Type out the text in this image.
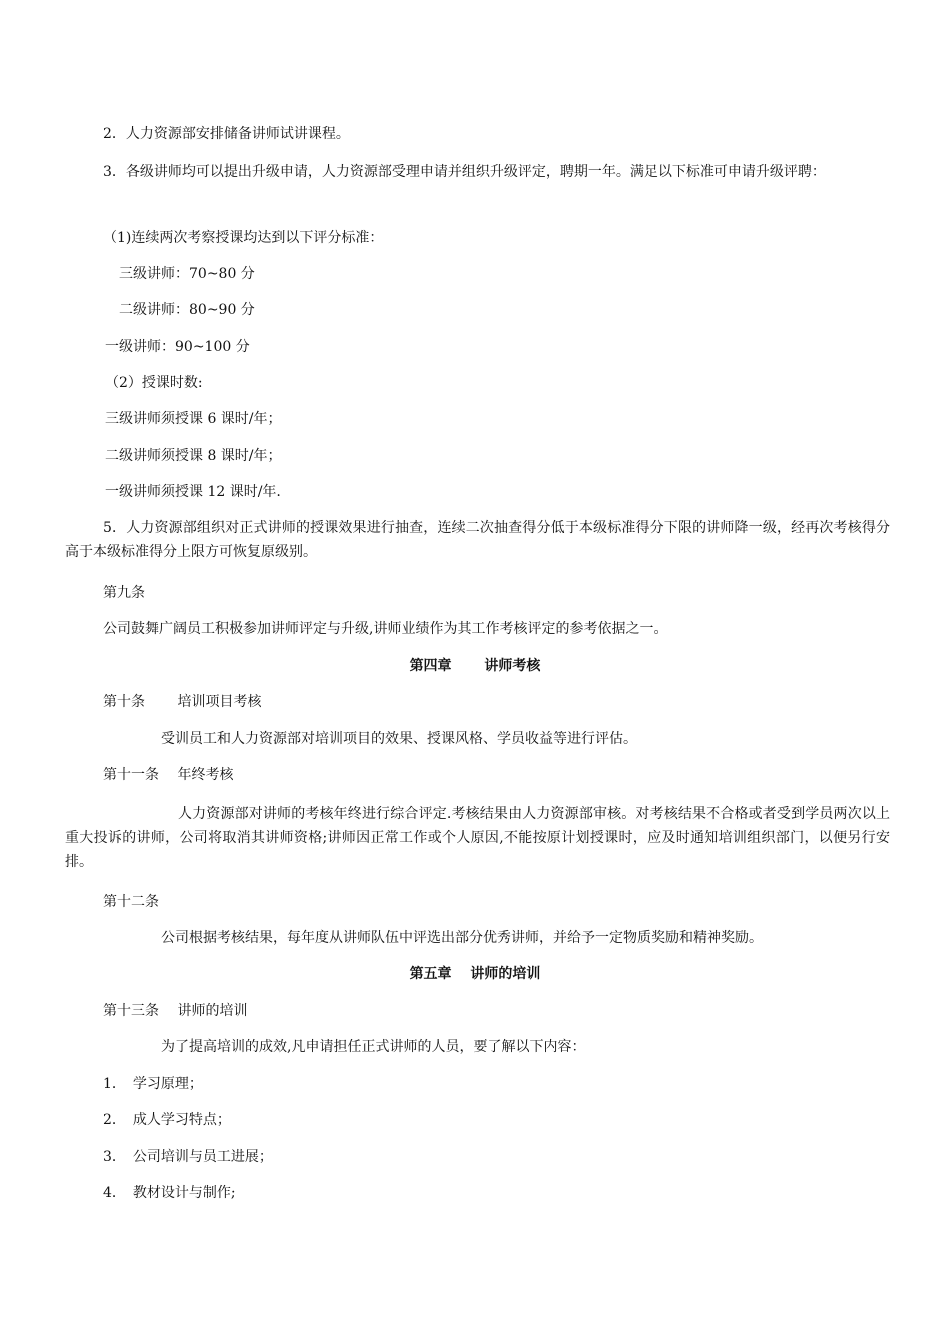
2．人力资源部安排储备讲师试讲课程。
3．各级讲师均可以提出升级申请，人力资源部受理申请并组织升级评定，聘期一年。满足以下标准可申请升级评聘：
（1)连续两次考察授课均达到以下评分标准：
三级讲师：70~80 分
二级讲师：80~90 分
一级讲师：90~100 分
（2）授课时数:
三级讲师须授课 6 课时/年；
二级讲师须授课 8 课时/年；
一级讲师须授课 12 课时/年.
5．人力资源部组织对正式讲师的授课效果进行抽查，连续二次抽查得分低于本级标准得分下限的讲师降一级，经再次考核得分高于本级标准得分上限方可恢复原级别。
第九条
公司鼓舞广阔员工积极参加讲师评定与升级,讲师业绩作为其工作考核评定的参考依据之一。
第四章　　 讲师考核
第十条　　 培训项目考核
受训员工和人力资源部对培训项目的效果、授课风格、学员收益等进行评估。
第十一条　 年终考核
人力资源部对讲师的考核年终进行综合评定.考核结果由人力资源部审核。对考核结果不合格或者受到学员两次以上重大投诉的讲师，公司将取消其讲师资格;讲师因正常工作或个人原因,不能按原计划授课时，应及时通知培训组织部门，以便另行安排。
第十二条
公司根据考核结果，每年度从讲师队伍中评选出部分优秀讲师，并给予一定物质奖励和精神奖励。
第五章　 讲师的培训
第十三条　 讲师的培训
为了提高培训的成效,凡申请担任正式讲师的人员，要了解以下内容：
1．　学习原理；
2．　成人学习特点；
3．　公司培训与员工进展；
4．　教材设计与制作;
